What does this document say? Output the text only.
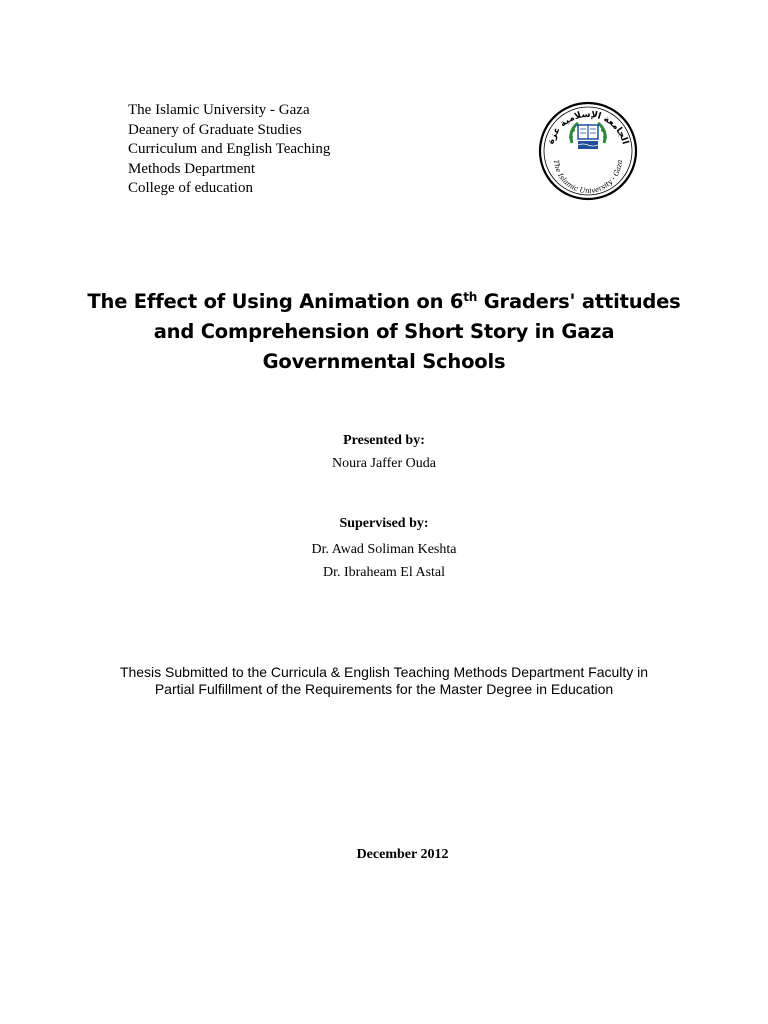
The Islamic University - Gaza
Deanery of Graduate Studies
Curriculum and English Teaching
Methods Department
College of education
الجامعة الإسلامية غزة
The Islamic University - Gaza
The Effect of Using Animation on 6th Graders' attitudes
and Comprehension of Short Story in Gaza
Governmental Schools
Presented by:
Noura Jaffer Ouda
Supervised by:
Dr. Awad Soliman Keshta
Dr. Ibraheam El Astal
Thesis Submitted to the Curricula & English Teaching Methods Department Faculty in
Partial Fulfillment of the Requirements for the Master Degree in Education
December 2012
